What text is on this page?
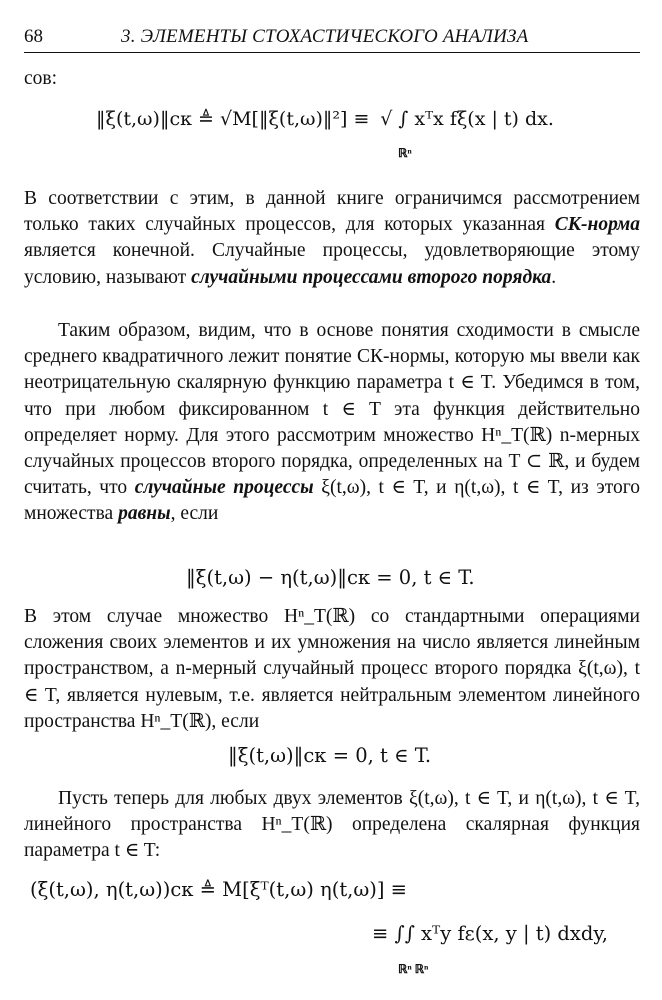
68	3. ЭЛЕМЕНТЫ СТОХАСТИЧЕСКОГО АНАЛИЗА
сов:
‖ξ(t,ω)‖ск ≜ √M[‖ξ(t,ω)‖²] ≡ √ ∫ xᵀx fξ(x | t) dx.
ℝⁿ
В соответствии с этим, в данной книге ограничимся рассмотрением только таких случайных процессов, для которых указанная СК-норма является конечной. Случайные процессы, удовлетворяющие этому условию, называют случайными процессами второго порядка.
Таким образом, видим, что в основе понятия сходимости в смысле среднего квадратичного лежит понятие СК-нормы, которую мы ввели как неотрицательную скалярную функцию параметра t ∈ T. Убедимся в том, что при любом фиксированном t ∈ T эта функция действительно определяет норму. Для этого рассмотрим множество Hⁿ_T(ℝ) n-мерных случайных процессов второго порядка, определенных на T ⊂ ℝ, и будем считать, что случайные процессы ξ(t,ω), t ∈ T, и η(t,ω), t ∈ T, из этого множества равны, если
‖ξ(t,ω) − η(t,ω)‖ск = 0, t ∈ T.
В этом случае множество Hⁿ_T(ℝ) со стандартными операциями сложения своих элементов и их умножения на число является линейным пространством, а n-мерный случайный процесс второго порядка ξ(t,ω), t ∈ T, является нулевым, т.е. является нейтральным элементом линейного пространства Hⁿ_T(ℝ), если
‖ξ(t,ω)‖ск = 0, t ∈ T.
Пусть теперь для любых двух элементов ξ(t,ω), t ∈ T, и η(t,ω), t ∈ T, линейного пространства Hⁿ_T(ℝ) определена скалярная функция параметра t ∈ T:
(ξ(t,ω), η(t,ω))ск ≜ M[ξᵀ(t,ω) η(t,ω)] ≡
≡ ∫∫ xᵀy fε(x, y | t) dxdy,
ℝⁿ ℝⁿ
